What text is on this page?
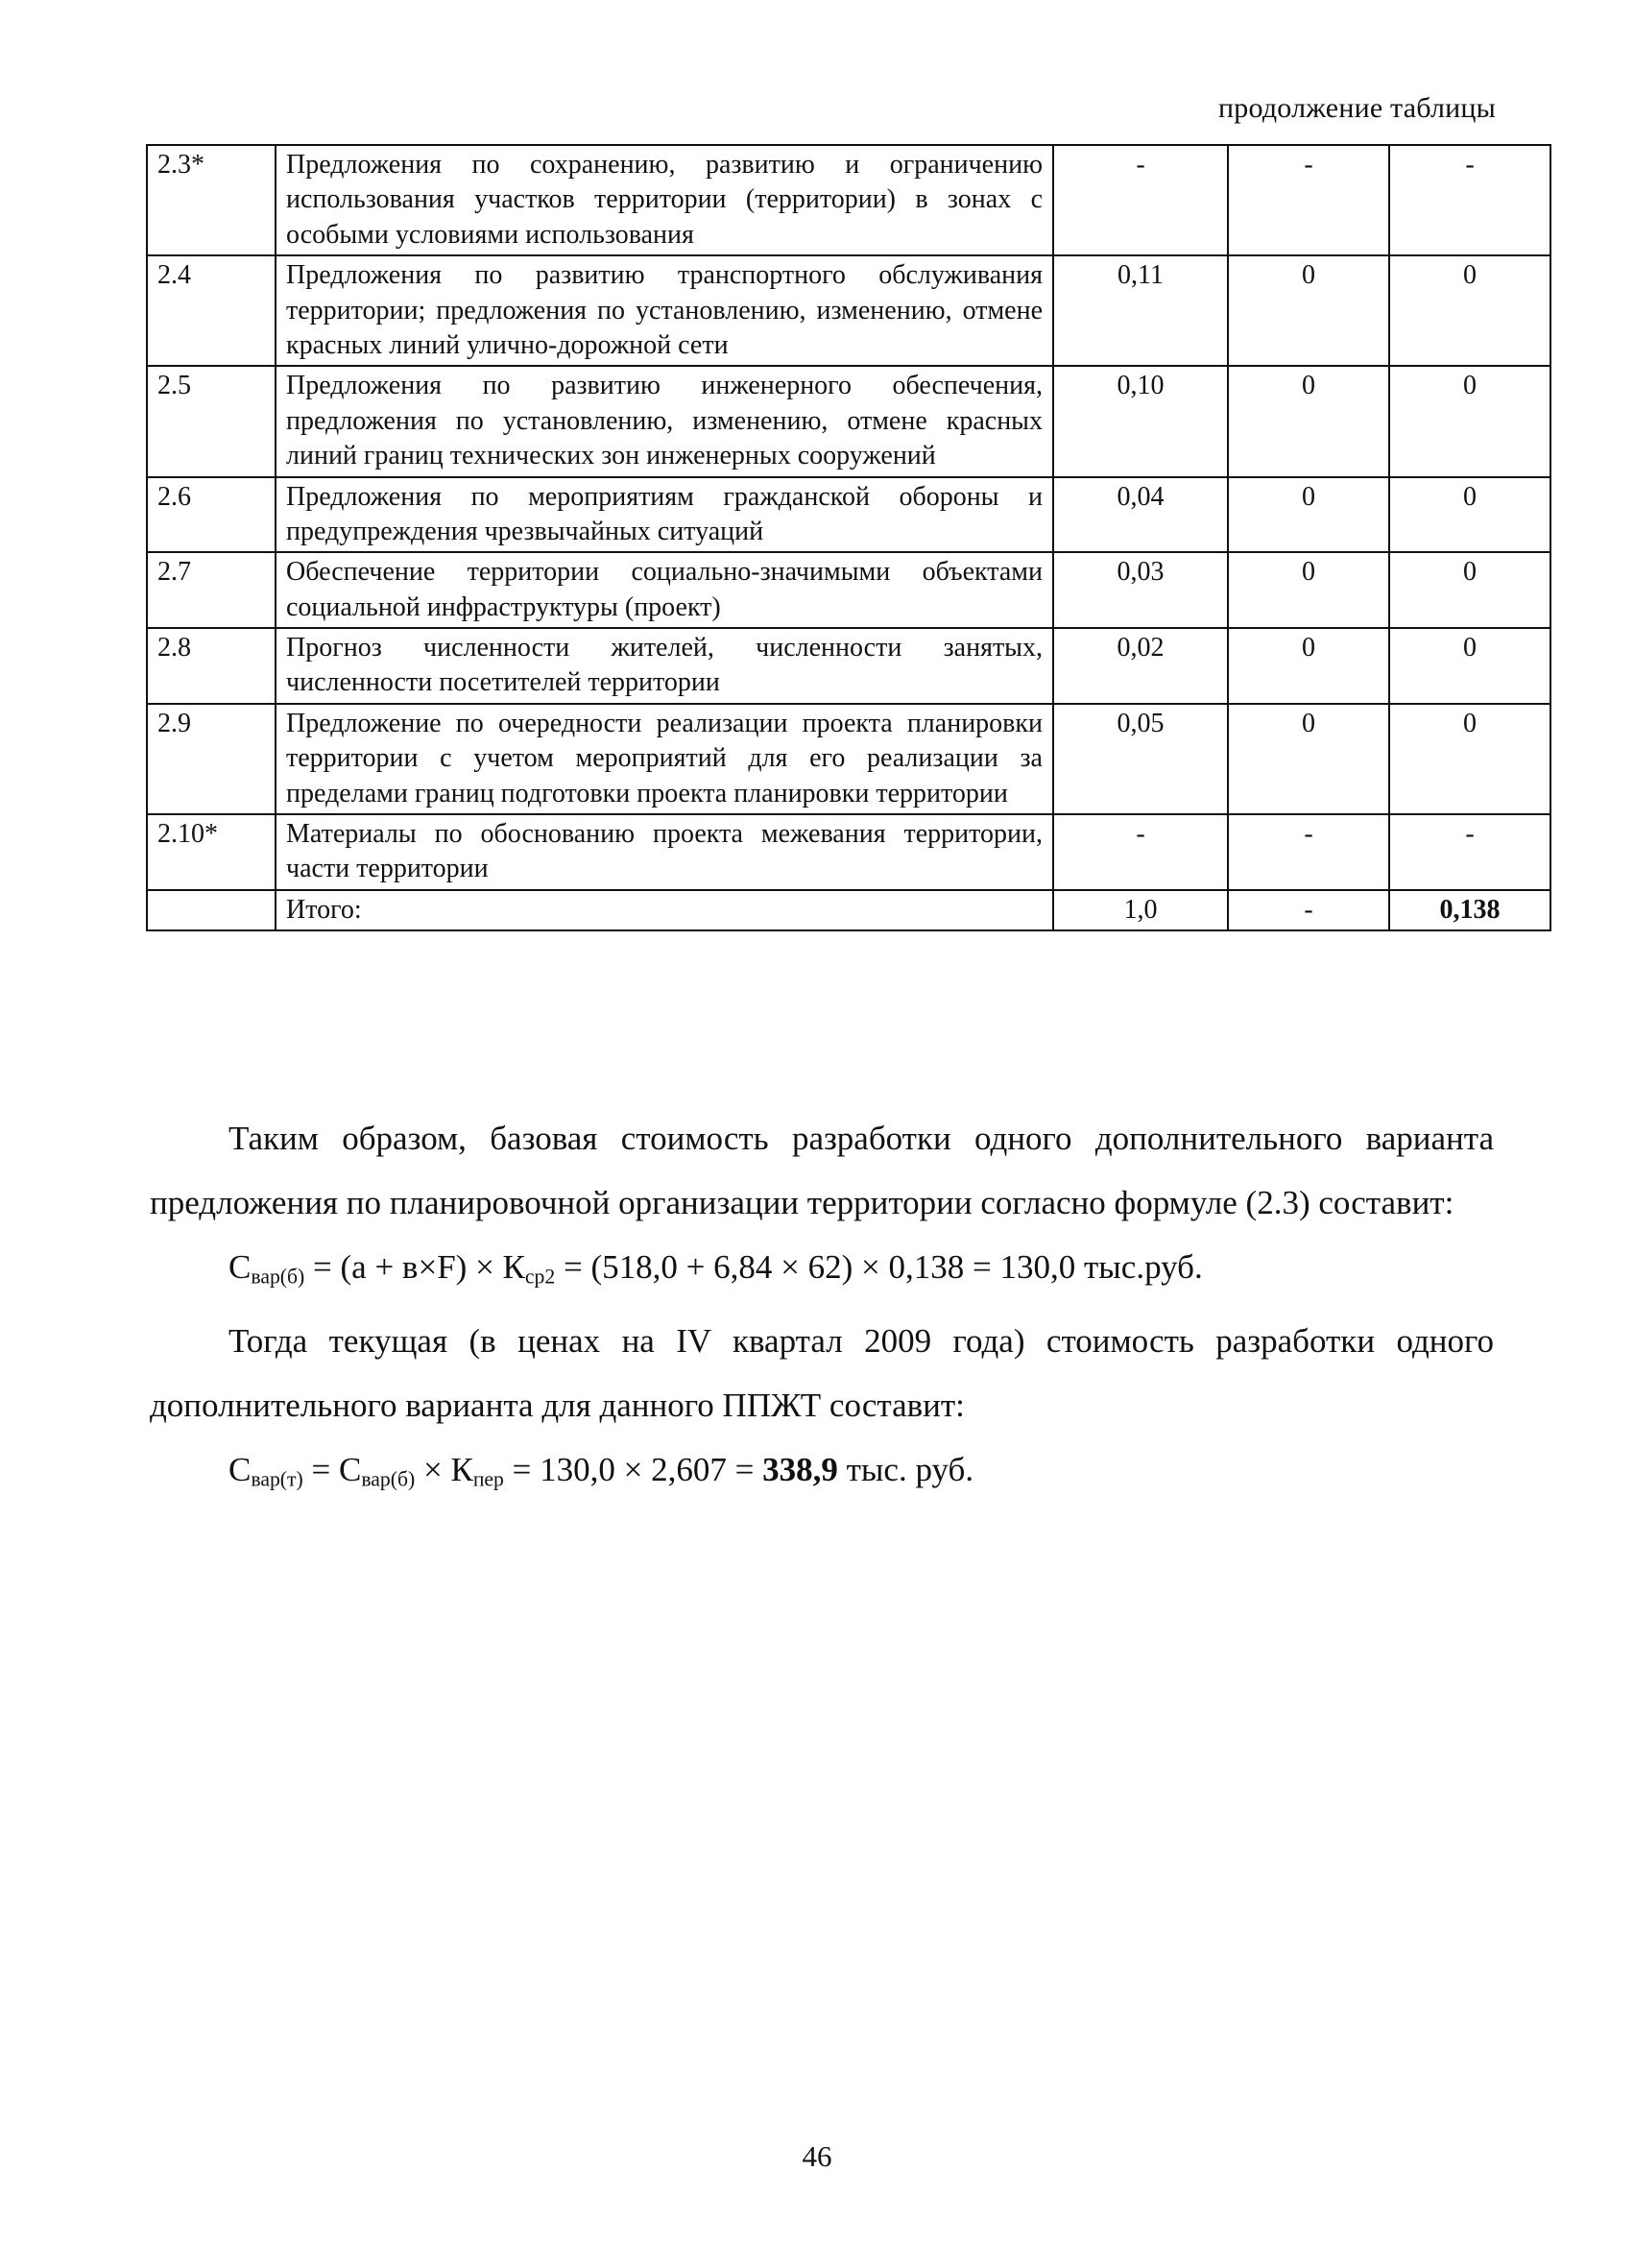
продолжение таблицы
2.3*	Предложения по сохранению, развитию и ограничению использования участков территории (территории) в зонах с особыми условиями использования	-	-	-
2.4	Предложения по развитию транспортного обслуживания территории; предложения по установлению, изменению, отмене красных линий улично-дорожной сети	0,11	0	0
2.5	Предложения по развитию инженерного обеспечения, предложения по установлению, изменению, отмене красных линий границ технических зон инженерных сооружений	0,10	0	0
2.6	Предложения по мероприятиям гражданской обороны и предупреждения чрезвычайных ситуаций	0,04	0	0
2.7	Обеспечение территории социально-значимыми объектами социальной инфраструктуры (проект)	0,03	0	0
2.8	Прогноз численности жителей, численности занятых, численности посетителей территории	0,02	0	0
2.9	Предложение по очередности реализации проекта планировки территории с учетом мероприятий для его реализации за пределами границ подготовки проекта планировки территории	0,05	0	0
2.10*	Материалы по обоснованию проекта межевания территории, части территории	-	-	-
	Итого:	1,0	-	0,138

Таким образом, базовая стоимость разработки одного дополнительного варианта предложения по планировочной организации территории согласно формуле (2.3) составит:

$С_{вар(б)} = (а + в\times F) \times К_{ср2} = (518,0 + 6,84 \times 62) \times 0,138 = 130,0$ тыс.руб.

Тогда текущая (в ценах на IV квартал 2009 года) стоимость разработки одного дополнительного варианта для данного ППЖТ составит:

$С_{вар(т)} = С_{вар(б)} \times К_{пер} = 130,0 \times 2,607 = 338,9$ тыс. руб.

46
